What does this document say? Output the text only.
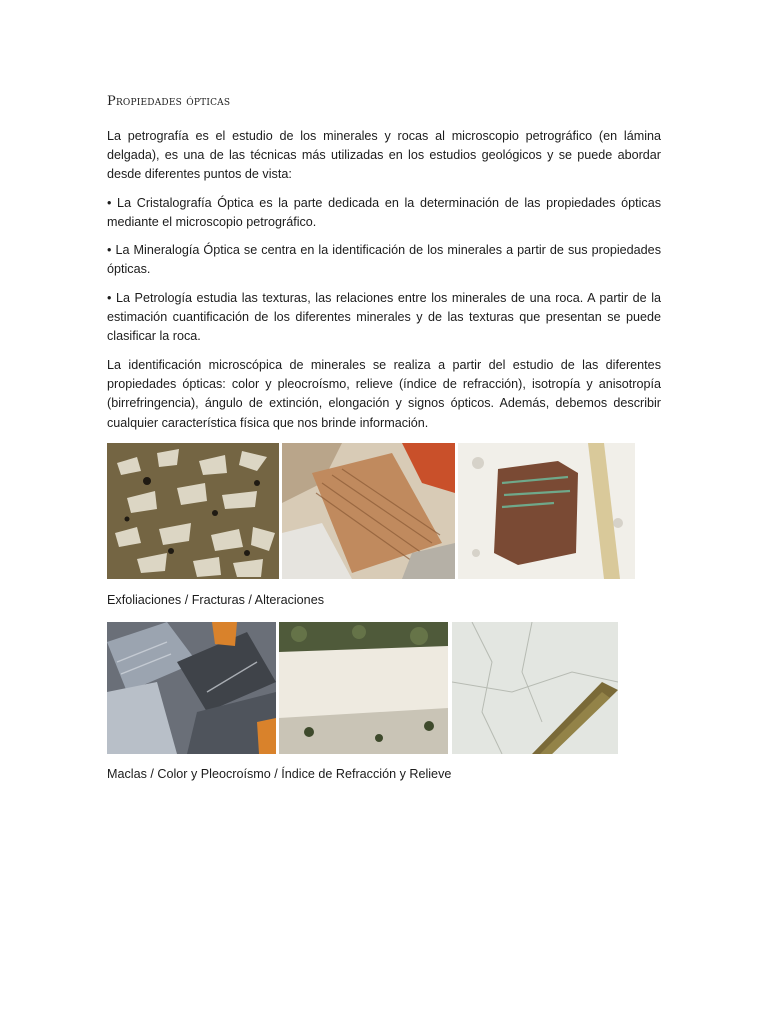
Propiedades ópticas

La petrografía es el estudio de los minerales y rocas al microscopio petrográfico (en lámina delgada), es una de las técnicas más utilizadas en los estudios geológicos y se puede abordar desde diferentes puntos de vista:

• La Cristalografía Óptica es la parte dedicada en la determinación de las propiedades ópticas mediante el microscopio petrográfico.

• La Mineralogía Óptica se centra en la identificación de los minerales a partir de sus propiedades ópticas.

• La Petrología estudia las texturas, las relaciones entre los minerales de una roca. A partir de la estimación cuantificación de los diferentes minerales y de las texturas que presentan se puede clasificar la roca.

La identificación microscópica de minerales se realiza a partir del estudio de las diferentes propiedades ópticas: color y pleocroísmo, relieve (índice de refracción), isotropía y anisotropía (birrefringencia), ángulo de extinción, elongación y signos ópticos. Además, debemos describir cualquier característica física que nos brinde información.

Exfoliaciones / Fracturas / Alteraciones
Maclas / Color y Pleocroísmo / Índice de Refracción y Relieve
